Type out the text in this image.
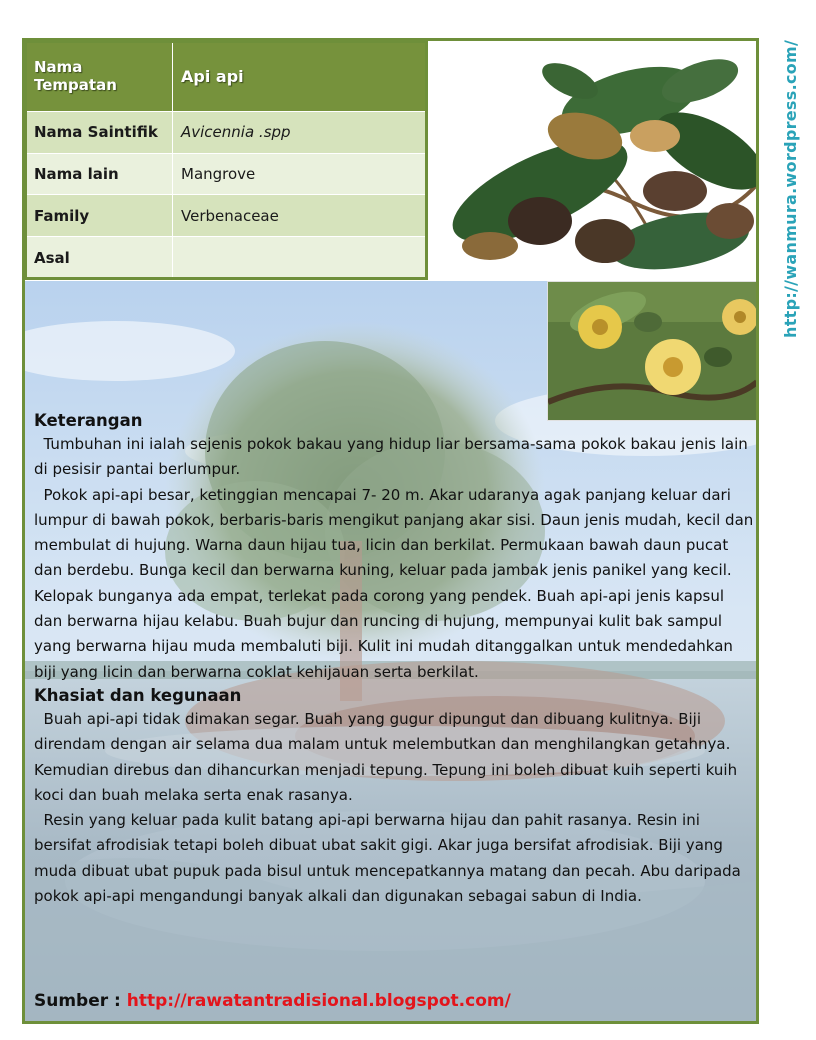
Nama Tempatan	Api api
Nama Saintifik	Avicennia .spp
Nama lain	Mangrove
Family	Verbenaceae
Asal	
Keterangan

Tumbuhan ini ialah sejenis pokok bakau yang hidup liar bersama-sama pokok bakau jenis lain di pesisir pantai berlumpur.

Pokok api-api besar, ketinggian mencapai 7- 20 m. Akar udaranya agak panjang keluar dari lumpur di bawah pokok, berbaris-baris mengikut panjang akar sisi. Daun jenis mudah, kecil dan membulat di hujung. Warna daun hijau tua, licin dan berkilat. Permukaan bawah daun pucat dan berdebu. Bunga kecil dan berwarna kuning, keluar pada jambak jenis panikel yang kecil. Kelopak bunganya ada empat, terlekat pada corong yang pendek. Buah api-api jenis kapsul dan berwarna hijau kelabu. Buah bujur dan runcing di hujung, mempunyai kulit bak sampul yang berwarna hijau muda membaluti biji. Kulit ini mudah ditanggalkan untuk mendedahkan biji yang licin dan berwarna coklat kehijauan serta berkilat.

Khasiat dan kegunaan

Buah api-api tidak dimakan segar. Buah yang gugur dipungut dan dibuang kulitnya. Biji direndam dengan air selama dua malam untuk melembutkan dan menghilangkan getahnya. Kemudian direbus dan dihancurkan menjadi tepung. Tepung ini boleh dibuat kuih seperti kuih koci dan buah melaka serta enak rasanya.

Resin yang keluar pada kulit batang api-api berwarna hijau dan pahit rasanya. Resin ini bersifat afrodisiak tetapi boleh dibuat ubat sakit gigi. Akar juga bersifat afrodisiak. Biji yang muda dibuat ubat pupuk pada bisul untuk mencepatkannya matang dan pecah. Abu daripada pokok api-api mengandungi banyak alkali dan digunakan sebagai sabun di India.

Sumber : http://rawatantradisional.blogspot.com/
http://wanmura.wordpress.com/
